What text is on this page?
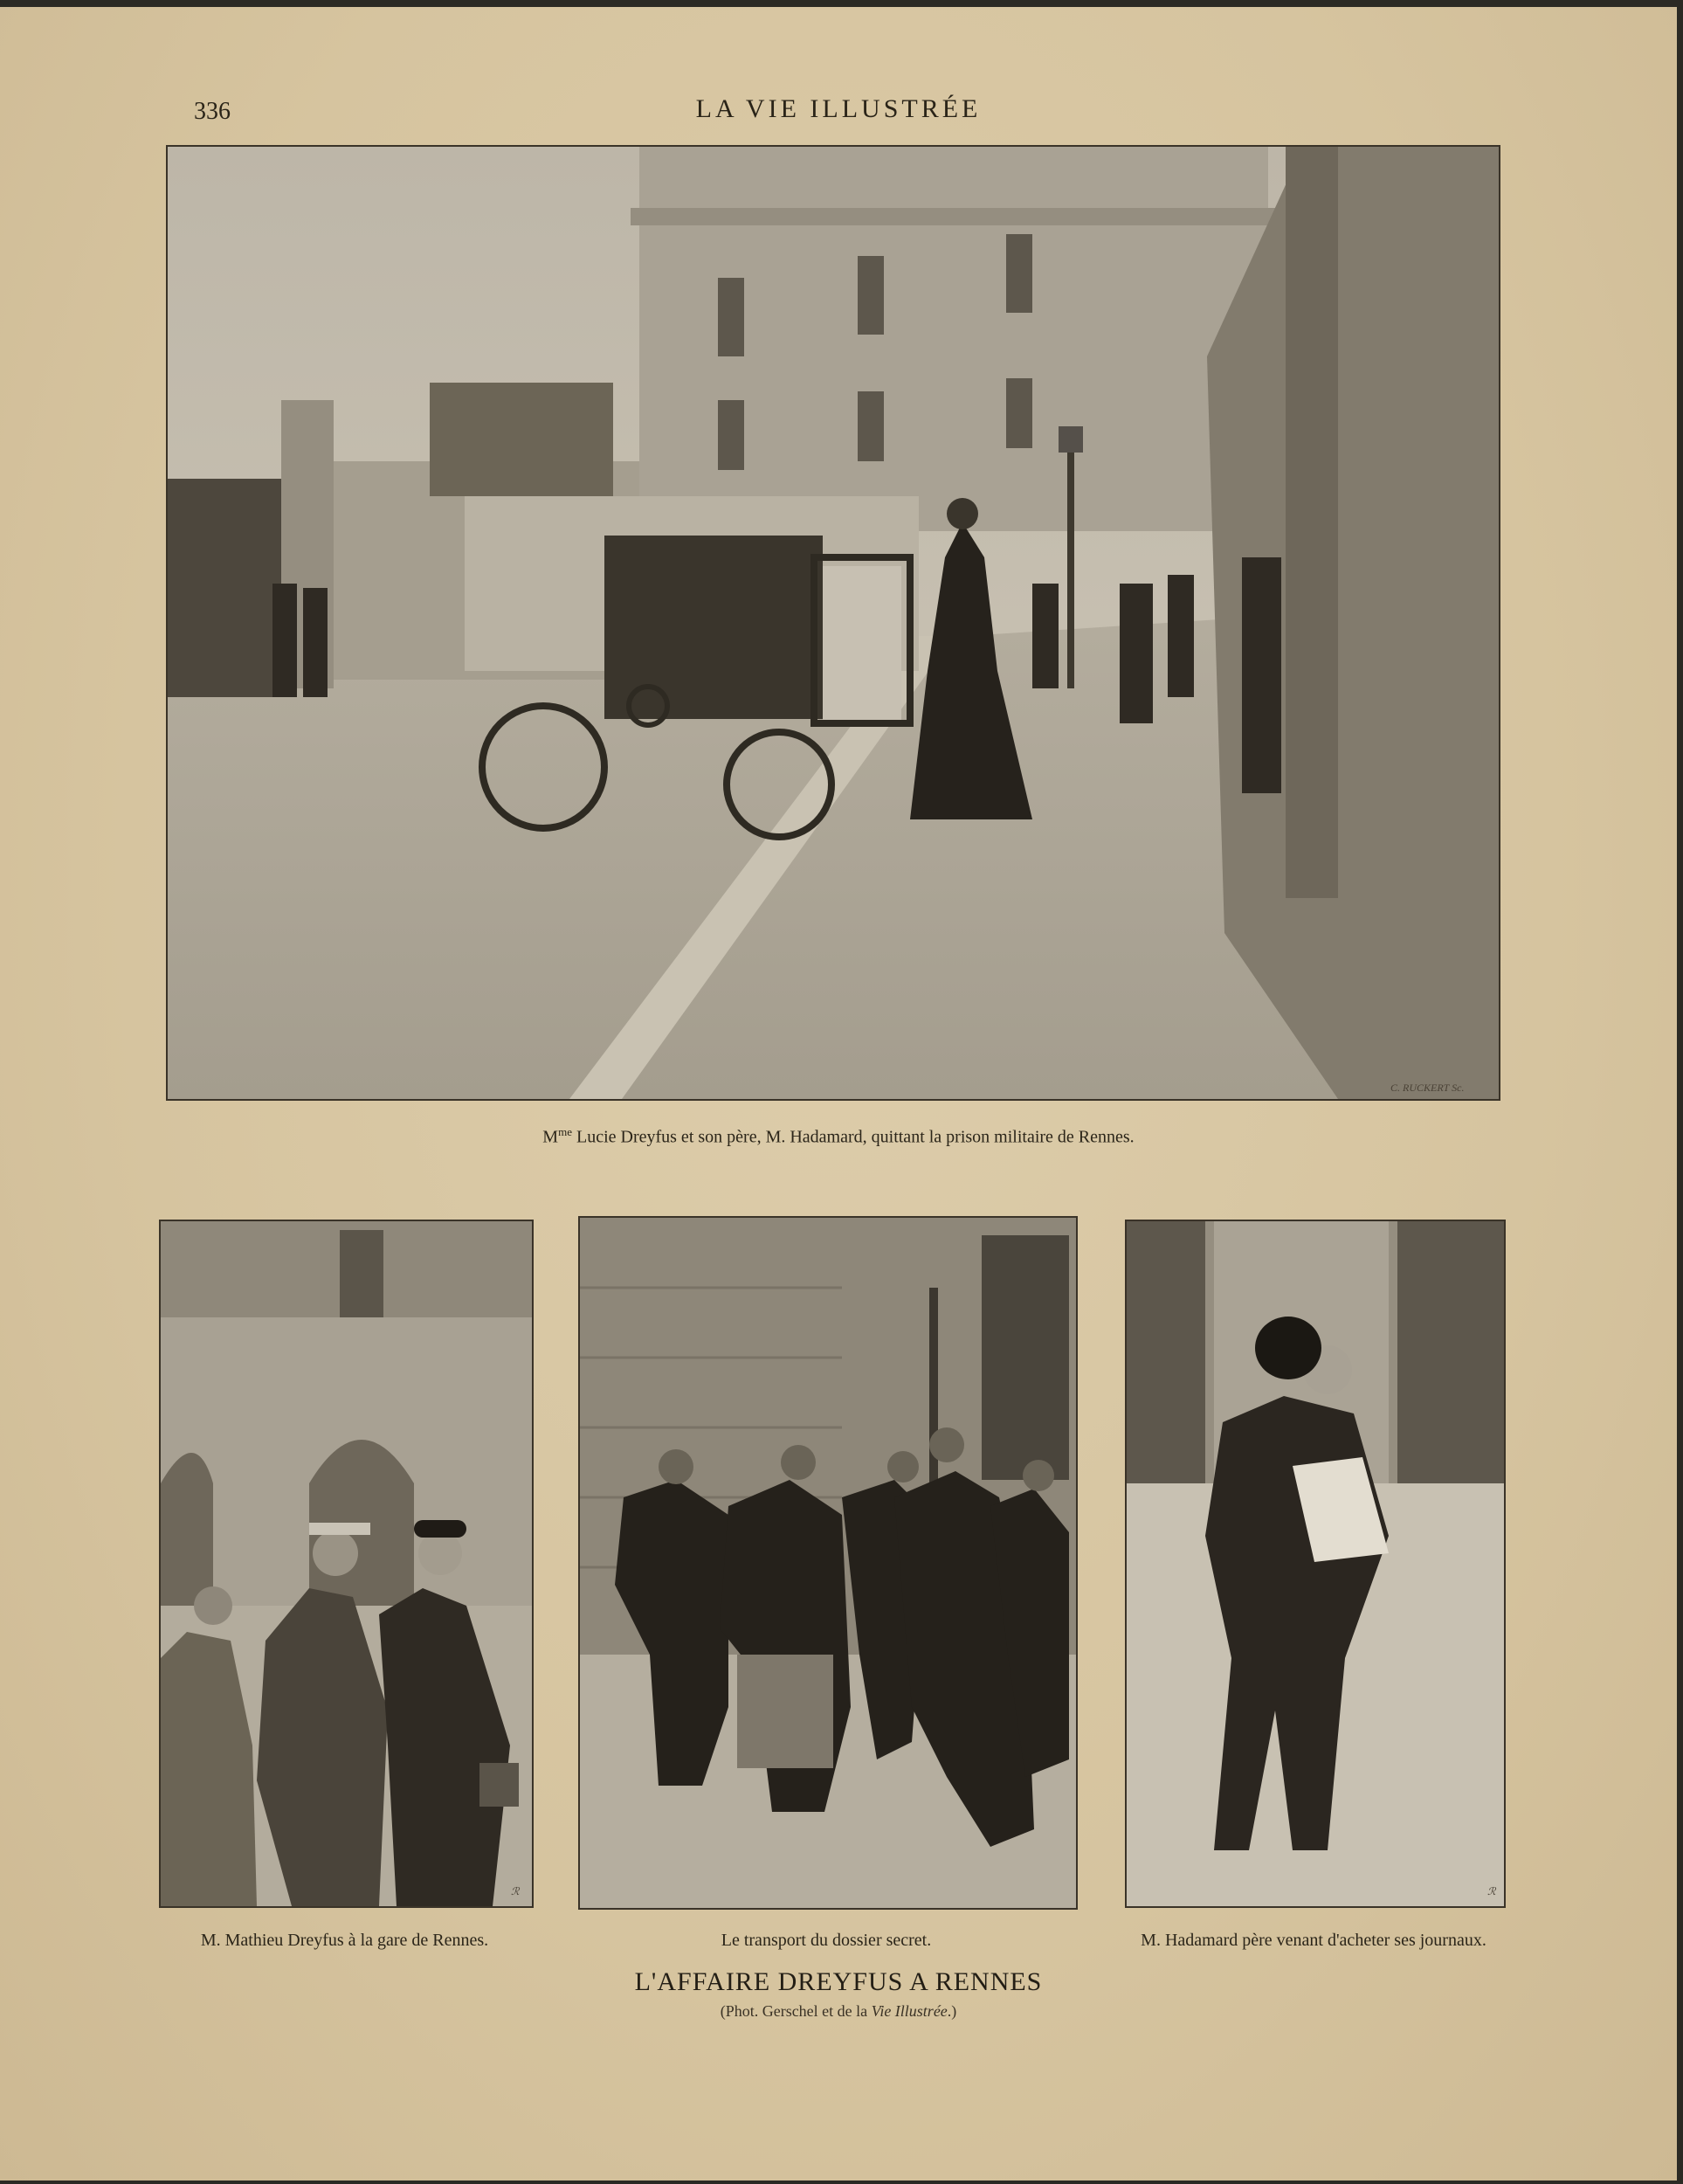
336	LA VIE ILLUSTRÉE
C. RUCKERT Sc.
$M^{me}$ Lucie Dreyfus et son père, M. Hadamard, quittant la prison militaire de Rennes.
ℛ	ℛ
M. Mathieu Dreyfus à la gare de Rennes.	Le transport du dossier secret.	M. Hadamard père venant d'acheter ses journaux.
L'AFFAIRE DREYFUS A RENNES
(Phot. Gerschel et de la Vie Illustrée.)
